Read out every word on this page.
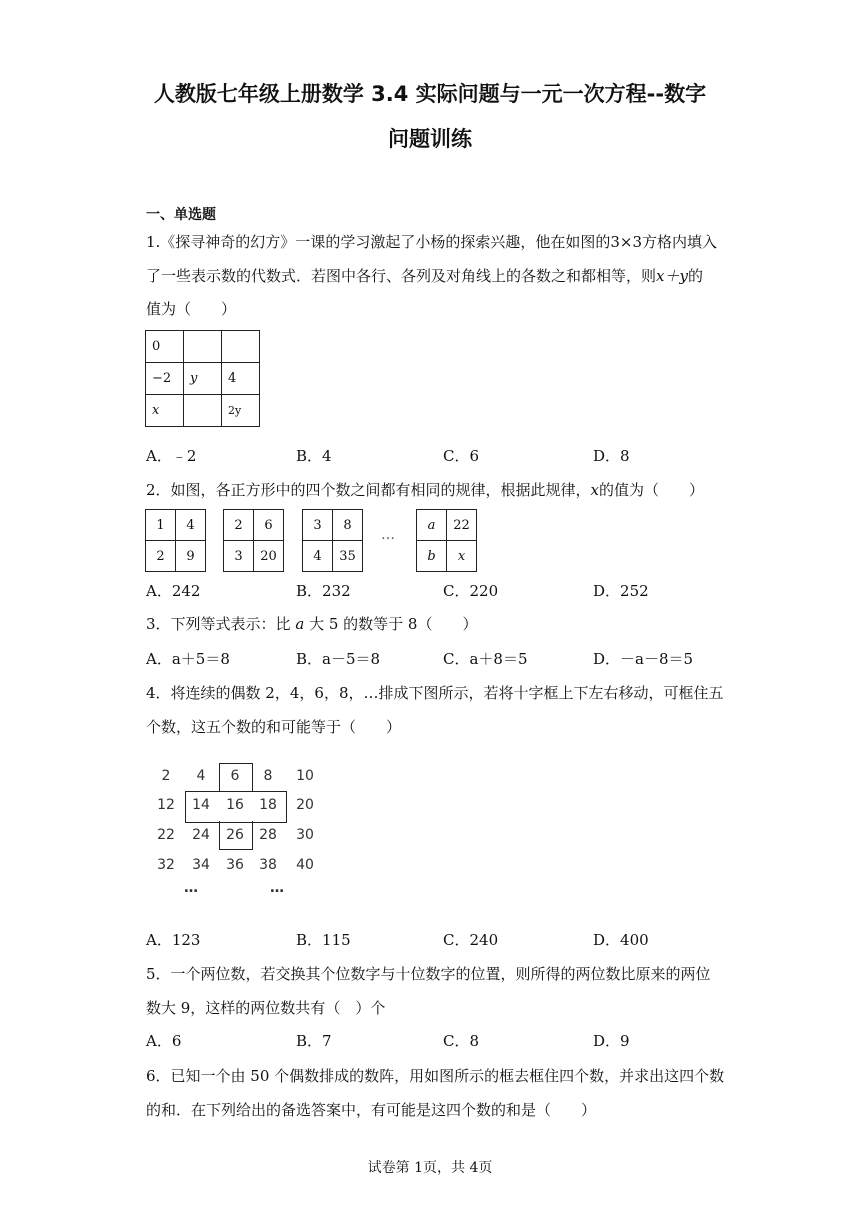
人教版七年级上册数学 3.4 实际问题与一元一次方程--数字
问题训练
一、单选题
1.《探寻神奇的幻方》一课的学习激起了小杨的探索兴趣，他在如图的3×3方格内填入
了一些表示数的代数式．若图中各行、各列及对角线上的各数之和都相等，则x＋y的
值为（　　）
0		
−2	y	4
x		2y
A．﹣2	B．4	C．6	D．8
2．如图，各正方形中的四个数之间都有相同的规律，根据此规律，x的值为（　　）
1	4
2	9
2	6
3	20
3	8
4	35
…
a	22
b	x
A．242	B．232	C．220	D．252
3．下列等式表示：比 a 大 5 的数等于 8（　　）
A．a＋5＝8	B．a－5＝8	C．a＋8＝5	D．－a－8＝5
4．将连续的偶数 2，4，6，8，…排成下图所示，若将十字框上下左右移动，可框住五
个数，这五个数的和可能等于（　　）
2 4 6 8 10
12 14 16 18 20
22 24 26 28 30
32 34 36 38 40
…	…
A．123	B．115	C．240	D．400
5．一个两位数，若交换其个位数字与十位数字的位置，则所得的两位数比原来的两位
数大 9，这样的两位数共有（　）个
A．6	B．7	C．8	D．9
6．已知一个由 50 个偶数排成的数阵，用如图所示的框去框住四个数，并求出这四个数
的和．在下列给出的备选答案中，有可能是这四个数的和是（　　）
试卷第 1页，共 4页
